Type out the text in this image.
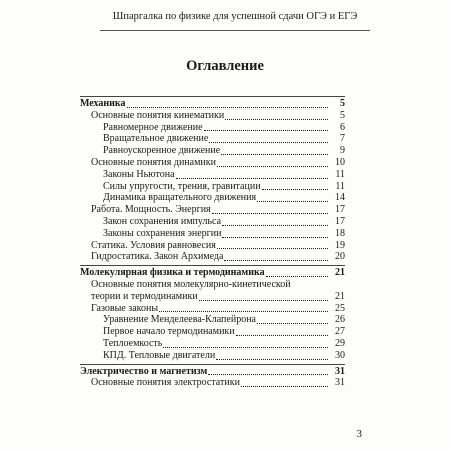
Шпаргалка по физике для успешной сдачи ОГЭ и ЕГЭ
Оглавление
Механика	5
Основные понятия кинематики	5
Равномерное движение	6
Вращательное движение	7
Равноускоренное движение	9
Основные понятия динамики	10
Законы Ньютона	11
Силы упругости, трения, гравитации	11
Динамика вращательного движения	14
Работа. Мощность. Энергия	17
Закон сохранения импульса	17
Законы сохранения энергии	18
Статика. Условия равновесия	19
Гидростатика. Закон Архимеда	20
Молекулярная физика и термодинамика	21
Основные понятия молекулярно-кинетической
теории и термодинамики	21
Газовые законы	25
Уравнение Менделеева-Клапейрона	26
Первое начало термодинамики	27
Теплоемкость	29
КПД. Тепловые двигатели	30
Электричество и магнетизм	31
Основные понятия электростатики	31
3
